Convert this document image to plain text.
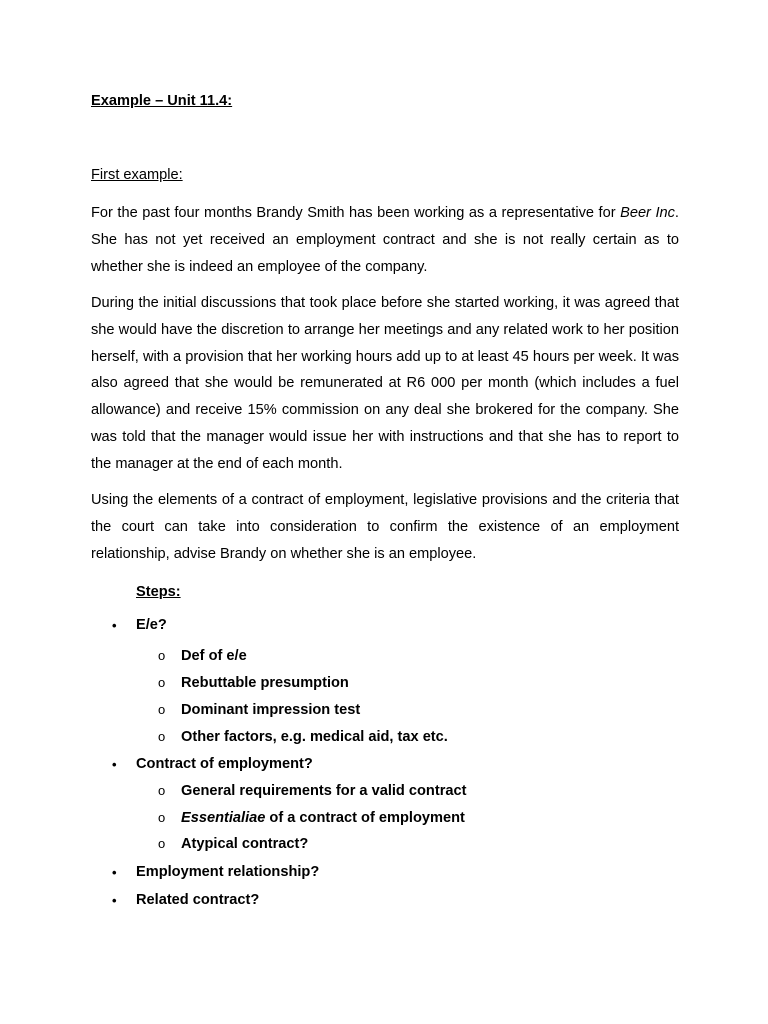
Example – Unit 11.4:
First example:

For the past four months Brandy Smith has been working as a representative for Beer Inc. She has not yet received an employment contract and she is not really certain as to whether she is indeed an employee of the company.

During the initial discussions that took place before she started working, it was agreed that she would have the discretion to arrange her meetings and any related work to her position herself, with a provision that her working hours add up to at least 45 hours per week. It was also agreed that she would be remunerated at R6 000 per month (which includes a fuel allowance) and receive 15% commission on any deal she brokered for the company. She was told that the manager would issue her with instructions and that she has to report to the manager at the end of each month.

Using the elements of a contract of employment, legislative provisions and the criteria that the court can take into consideration to confirm the existence of an employment relationship, advise Brandy on whether she is an employee.

Steps:
• E/e?
o Def of e/e
o Rebuttable presumption
o Dominant impression test
o Other factors, e.g. medical aid, tax etc.
• Contract of employment?
o General requirements for a valid contract
o Essentialiae of a contract of employment
o Atypical contract?
• Employment relationship?
• Related contract?
